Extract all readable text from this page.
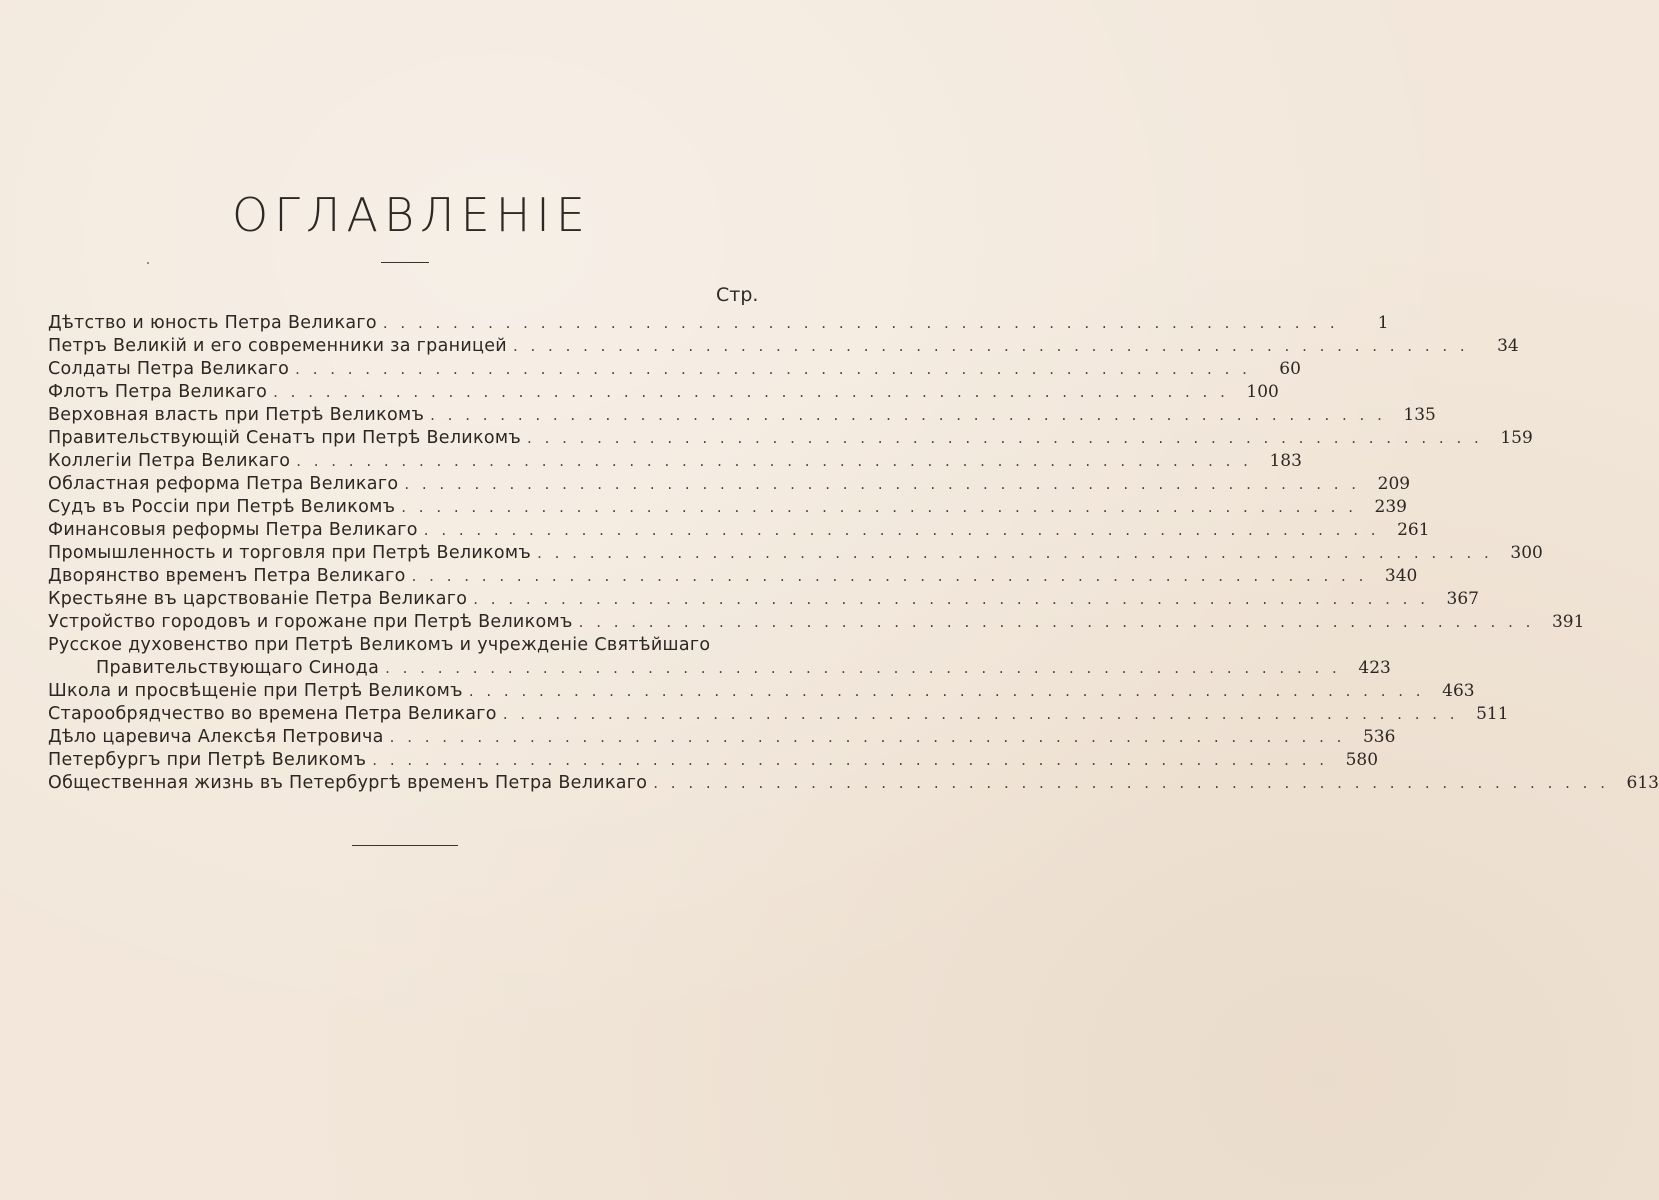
ОГЛАВЛЕНІЕ
Стр.
Дѣтство и юность Петра Великаго . . .	1
Петръ Великій и его современники за границей . . .	34
Солдаты Петра Великаго . . .	60
Флотъ Петра Великаго . . .	100
Верховная власть при Петрѣ Великомъ . . .	135
Правительствующій Сенатъ при Петрѣ Великомъ . . .	159
Коллегіи Петра Великаго . . .	183
Областная реформа Петра Великаго . . .	209
Судъ въ Россіи при Петрѣ Великомъ . . .	239
Финансовыя реформы Петра Великаго . . .	261
Промышленность и торговля при Петрѣ Великомъ . . .	300
Дворянство временъ Петра Великаго . . .	340
Крестьяне въ царствованіе Петра Великаго . . .	367
Устройство городовъ и горожане при Петрѣ Великомъ . . .	391
Русское духовенство при Петрѣ Великомъ и учрежденіе Святѣйшаго
Правительствующаго Синода . . .	423
Школа и просвѣщеніе при Петрѣ Великомъ . . .	463
Старообрядчество во времена Петра Великаго . . .	511
Дѣло царевича Алексѣя Петровича . . .	536
Петербургъ при Петрѣ Великомъ . . .	580
Общественная жизнь въ Петербургѣ временъ Петра Великаго . . .	613
